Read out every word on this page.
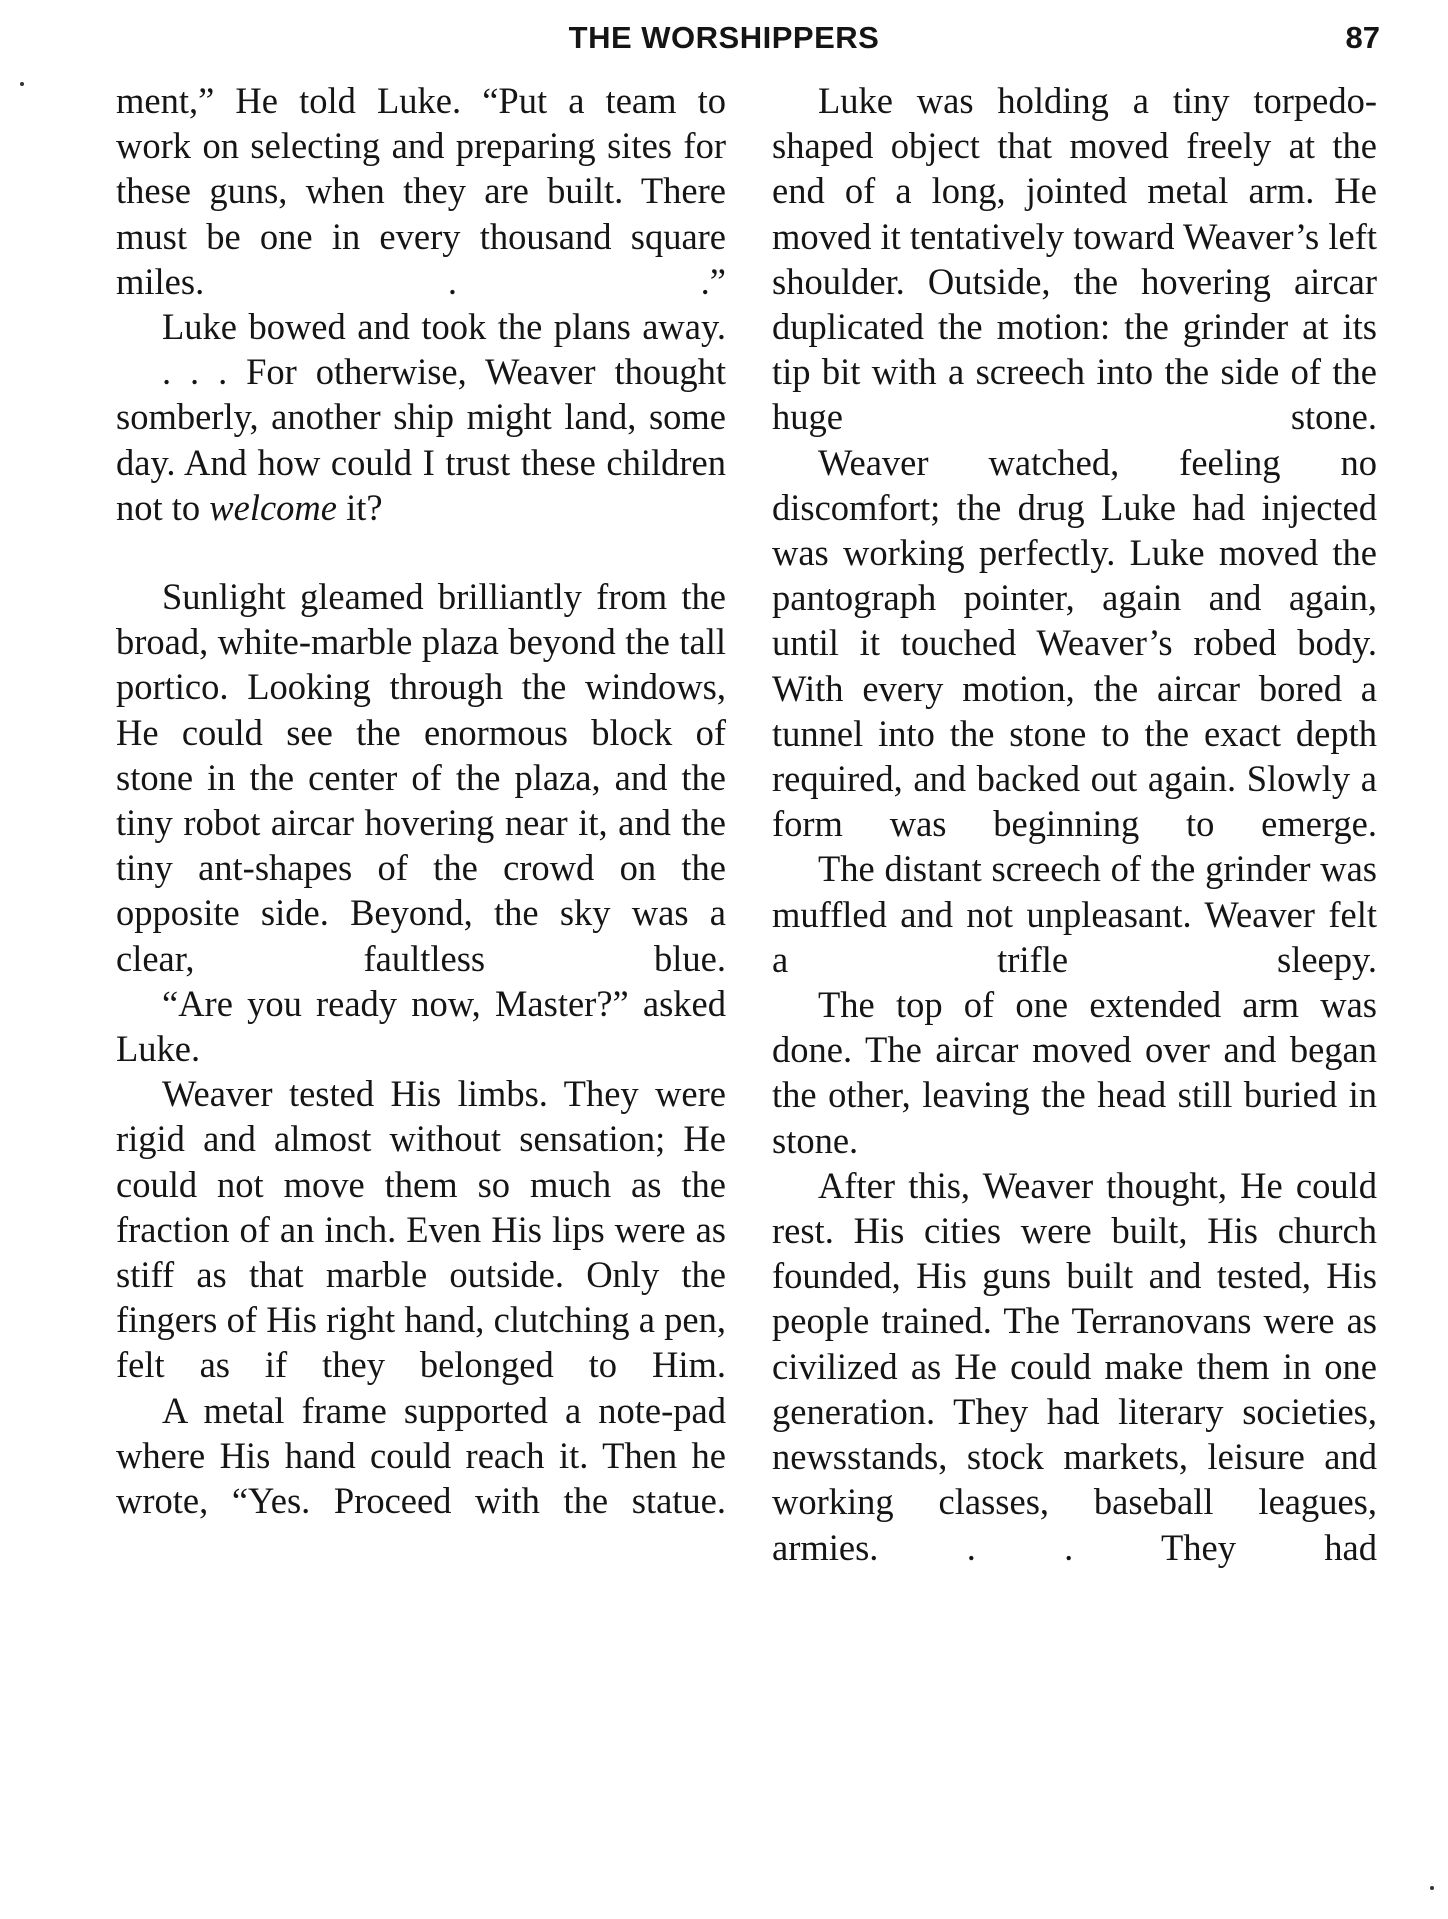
THE WORSHIPPERS	87

ment,” He told Luke. “Put a team to work on selecting and preparing sites for these guns, when they are built. There must be one in every thousand square miles. . .”

Luke bowed and took the plans away.

. . . For otherwise, Weaver thought somberly, another ship might land, some day. And how could I trust these children not to welcome it?

Sunlight gleamed brilliantly from the broad, white-marble plaza beyond the tall portico. Looking through the windows, He could see the enormous block of stone in the center of the plaza, and the tiny robot aircar hovering near it, and the tiny ant-shapes of the crowd on the opposite side. Beyond, the sky was a clear, faultless blue.

“Are you ready now, Master?” asked Luke.

Weaver tested His limbs. They were rigid and almost without sensation; He could not move them so much as the fraction of an inch. Even His lips were as stiff as that marble outside. Only the fingers of His right hand, clutching a pen, felt as if they belonged to Him.

A metal frame supported a note-pad where His hand could reach it. Then he wrote, “Yes. Proceed with the statue.

Luke was holding a tiny torpedo-shaped object that moved freely at the end of a long, jointed metal arm. He moved it tentatively toward Weaver’s left shoulder. Outside, the hovering aircar duplicated the motion: the grinder at its tip bit with a screech into the side of the huge stone.

Weaver watched, feeling no discomfort; the drug Luke had injected was working perfectly. Luke moved the pantograph pointer, again and again, until it touched Weaver’s robed body. With every motion, the aircar bored a tunnel into the stone to the exact depth required, and backed out again. Slowly a form was beginning to emerge.

The distant screech of the grinder was muffled and not unpleasant. Weaver felt a trifle sleepy.

The top of one extended arm was done. The aircar moved over and began the other, leaving the head still buried in stone.

After this, Weaver thought, He could rest. His cities were built, His church founded, His guns built and tested, His people trained. The Terranovans were as civilized as He could make them in one generation. They had literary societies, newsstands, stock markets, leisure and working classes, baseball leagues, armies. . . They had
